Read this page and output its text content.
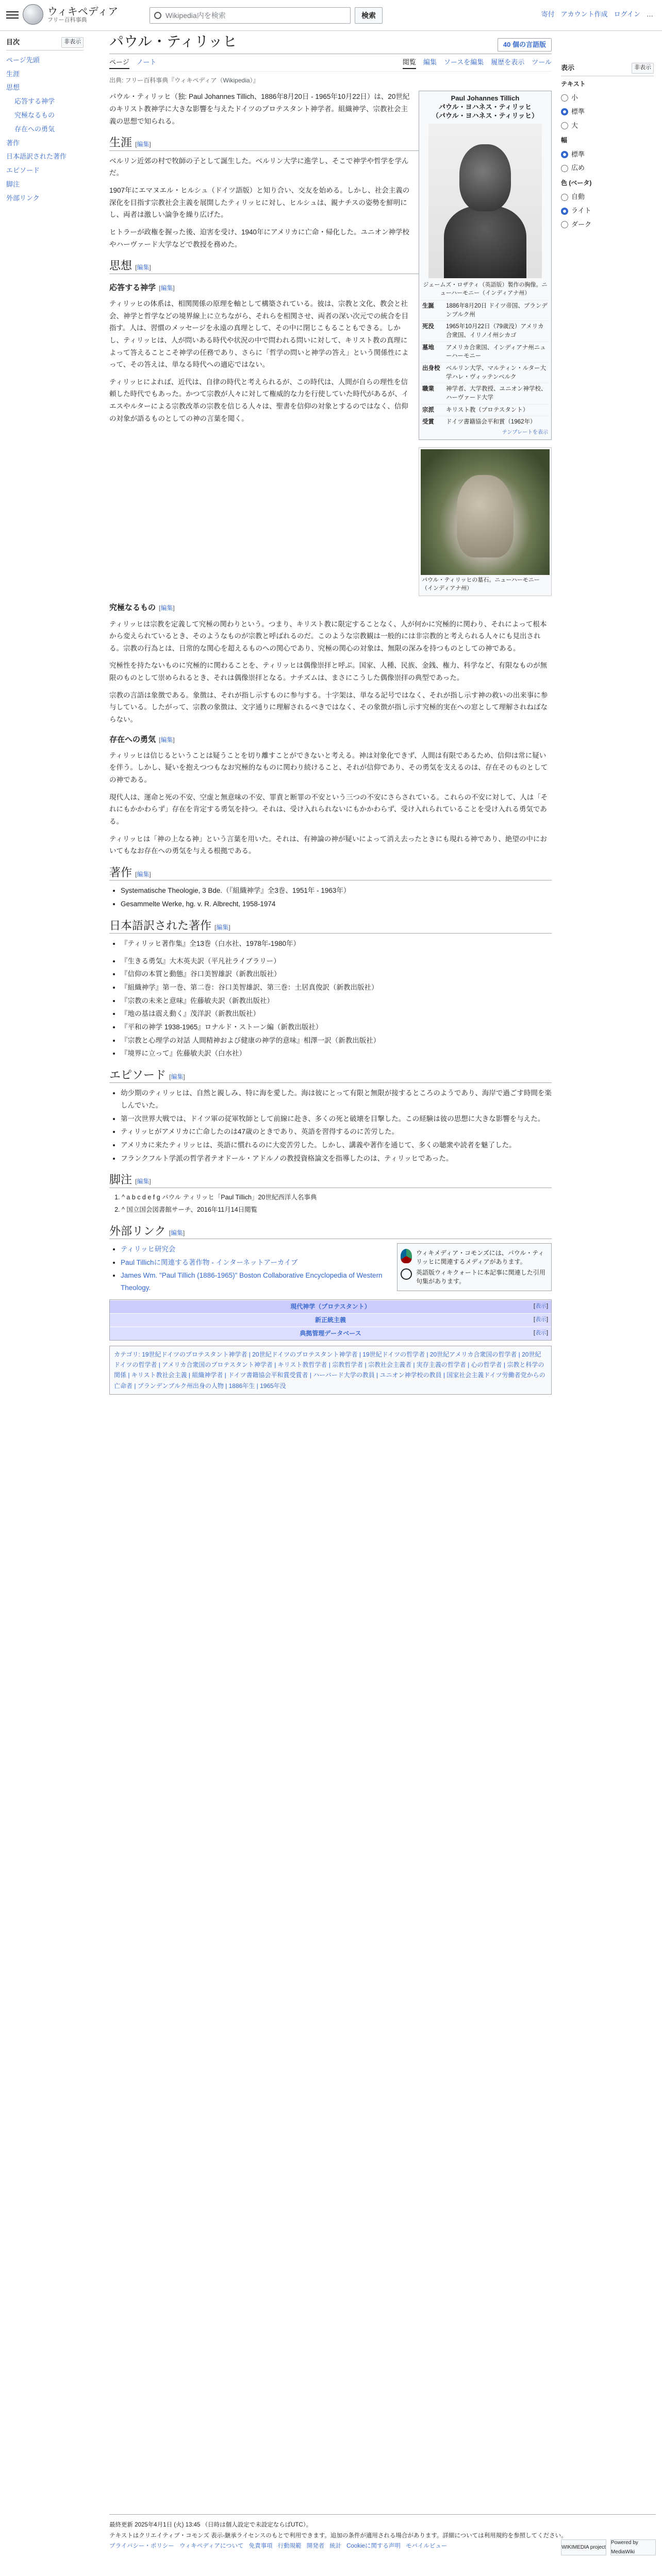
ウィキペディア
フリー百科事典
Wikipedia内を検索	検索	寄付 アカウント作成 ログイン …
目次	非表示
ページ先頭
生涯
思想
応答する神学
究極なるもの
存在への勇気
著作
日本語訳された著作
エピソード
脚注
外部リンク
表示	非表示
テキスト
小
標準
大
幅
標準
広め
色 (ベータ)
自動
ライト
ダーク
パウル・ティリッヒ	40 個の言語版
ページ ノート	閲覧 編集 ソースを編集 履歴を表示 ツール
出典: フリー百科事典『ウィキペディア（Wikipedia）』
Paul Johannes Tillich
パウル・ヨハネス・ティリッヒ
（パウル・ヨハネス・ティリッヒ）
ジェームズ・ロザティ（英語版）製作の胸像。ニューハーモニー（インディアナ州）
生誕	1886年8月20日 ドイツ帝国、ブランデンブルク州
死没	1965年10月22日（79歳没）アメリカ合衆国、イリノイ州シカゴ
墓地	アメリカ合衆国、インディアナ州ニューハーモニー
出身校	ベルリン大学、マルティン・ルター大学ハレ・ヴィッテンベルク
職業	神学者、大学教授、ユニオン神学校、ハーヴァード大学
宗派	キリスト教（プロテスタント）
受賞	ドイツ書籍協会平和賞（1962年）
テンプレートを表示

パウル・ティリッヒ（独: Paul Johannes Tillich、1886年8月20日 - 1965年10月22日）は、20世紀のキリスト教神学に大きな影響を与えたドイツのプロテスタント神学者。組織神学、宗教社会主義の思想で知られる。

生涯 [編集]

ベルリン近郊の村で牧師の子として誕生した。ベルリン大学に進学し、そこで神学や哲学を学んだ。

1907年にエマヌエル・ヒルシュ（ドイツ語版）と知り合い、交友を始める。しかし、社会主義の深化を目指す宗教社会主義を展開したティリッヒに対し、ヒルシュは、親ナチスの姿勢を鮮明にし、両者は激しい論争を繰り広げた。

ヒトラーが政権を握った後、迫害を受け、1940年にアメリカに亡命・帰化した。ユニオン神学校やハーヴァード大学などで教授を務めた。

思想 [編集]
応答する神学 [編集]
パウル・ティリッヒの墓石。ニューハーモニー（インディアナ州）

ティリッヒの体系は、相関関係の原理を軸として構築されている。彼は、宗教と文化、教会と社会、神学と哲学などの境界線上に立ちながら、それらを相関させ、両者の深い次元での統合を目指す。人は、習慣のメッセージを永遠の真理として、その中に閉じこもることもできる。しかし、ティリッヒは、人が問いある時代や状況の中で問われる問いに対して、キリスト教の真理によって答えることこそ神学の任務であり、さらに「哲学の問いと神学の答え」という関係性によって、その答えは、単なる時代への適応ではない。

ティリッヒによれば、近代は、自律の時代と考えられるが、この時代は、人間が自らの理性を信頼した時代でもあった。かつて宗教が人々に対して権威的な力を行使していた時代があるが、イエスやルターによる宗教改革の宗教を信じる人々は、聖書を信仰の対象とするのではなく、信仰の対象が語るものとしての神の言葉を聞く。

究極なるもの [編集]

ティリッヒは宗教を定義して究極の関わりという。つまり、キリスト教に限定することなく、人が何かに究極的に関わり、それによって根本から変えられているとき、そのようなものが宗教と呼ばれるのだ。このような宗教観は一般的には非宗教的と考えられる人々にも見出される。宗教の行為とは、日常的な関心を超えるものへの関心であり、究極の関心の対象は、無限の深みを持つものとしての神である。

究極性を持たないものに究極的に関わることを、ティリッヒは偶像崇拝と呼ぶ。国家、人種、民族、金銭、権力、科学など、有限なものが無限のものとして崇められるとき、それは偶像崇拝となる。ナチズムは、まさにこうした偶像崇拝の典型であった。

宗教の言語は象徴である。象徴は、それが指し示すものに参与する。十字架は、単なる記号ではなく、それが指し示す神の救いの出来事に参与している。したがって、宗教の象徴は、文字通りに理解されるべきではなく、その象徴が指し示す究極的実在への窓として理解されねばならない。

存在への勇気 [編集]

ティリッヒは信じるということは疑うことを切り離すことができないと考える。神は対象化できず、人間は有限であるため、信仰は常に疑いを伴う。しかし、疑いを抱えつつもなお究極的なものに関わり続けること、それが信仰であり、その勇気を支えるのは、存在そのものとしての神である。

現代人は、運命と死の不安、空虚と無意味の不安、罪責と断罪の不安という三つの不安にさらされている。これらの不安に対して、人は「それにもかかわらず」存在を肯定する勇気を持つ。それは、受け入れられないにもかかわらず、受け入れられていることを受け入れる勇気である。

ティリッヒは「神の上なる神」という言葉を用いた。それは、有神論の神が疑いによって消え去ったときにも現れる神であり、絶望の中においてもなお存在への勇気を与える根拠である。

著作 [編集]
• Systematische Theologie, 3 Bde.（『組織神学』全3巻、1951年 - 1963年）
• Gesammelte Werke, hg. v. R. Albrecht, 1958-1974
日本語訳された著作 [編集]
• 『ティリッヒ著作集』全13巻（白水社、1978年-1980年）
• 『生きる勇気』大木英夫訳（平凡社ライブラリー）
• 『信仰の本質と動態』谷口美智雄訳（新教出版社）
• 『組織神学』第一巻、第二巻：谷口美智雄訳、第三巻：土居真俊訳（新教出版社）
• 『宗教の未来と意味』佐藤敏夫訳（新教出版社）
• 『地の基は震え動く』茂洋訳（新教出版社）
• 『平和の神学 1938-1965』ロナルド・ストーン編（新教出版社）
• 『宗教と心理学の対話 人間精神および健康の神学的意味』相澤一訳（新教出版社）
• 『境界に立って』佐藤敏夫訳（白水社）
エピソード [編集]
• 幼少期のティリッヒは、自然と親しみ、特に海を愛した。海は彼にとって有限と無限が接するところのようであり、海岸で過ごす時間を楽しんでいた。
• 第一次世界大戦では、ドイツ軍の従軍牧師として前線に赴き、多くの死と破壊を目撃した。この経験は彼の思想に大きな影響を与えた。
• ティリッヒがアメリカに亡命したのは47歳のときであり、英語を習得するのに苦労した。
• アメリカに来たティリッヒは、英語に慣れるのに大変苦労した。しかし、講義や著作を通じて、多くの聴衆や読者を魅了した。
• フランクフルト学派の哲学者テオドール・アドルノの教授資格論文を指導したのは、ティリッヒであった。
脚注 [編集]
1. ^ a b c d e f g パウル ティリッヒ「Paul Tillich」20世紀西洋人名事典
2. ^ 国立国会図書館サーチ、2016年11月14日閲覧
外部リンク [編集]
ウィキメディア・コモンズには、パウル・ティリッヒに関連するメディアがあります。
英語版ウィキクォートに本記事に関連した引用句集があります。
• ティリッヒ研究会
• Paul Tillichに関連する著作物 - インターネットアーカイブ
• James Wm. "Paul Tillich (1886-1965)" Boston Collaborative Encyclopedia of Western Theology.
現代神学（プロテスタント）	[表示]
新正統主義	[表示]
典拠管理データベース	[表示]
カテゴリ: 19世紀ドイツのプロテスタント神学者 | 20世紀ドイツのプロテスタント神学者 | 19世紀ドイツの哲学者 | 20世紀アメリカ合衆国の哲学者 | 20世紀ドイツの哲学者 | アメリカ合衆国のプロテスタント神学者 | キリスト教哲学者 | 宗教哲学者 | 宗教社会主義者 | 実存主義の哲学者 | 心の哲学者 | 宗教と科学の関係 | キリスト教社会主義 | 組織神学者 | ドイツ書籍協会平和賞受賞者 | ハーバード大学の教員 | ユニオン神学校の教員 | 国家社会主義ドイツ労働者党からの亡命者 | ブランデンブルク州出身の人物 | 1886年生 | 1965年没
最終更新 2025年4月1日 (火) 13:45 （日時は個人設定で未設定ならばUTC）。
テキストはクリエイティブ・コモンズ 表示-継承ライセンスのもとで利用できます。追加の条件が適用される場合があります。詳細については利用規約を参照してください。
プライバシー・ポリシー ウィキペディアについて 免責事項 行動規範 開発者 統計 Cookieに関する声明 モバイルビュー	WIKIMEDIA project
Powered by MediaWiki
